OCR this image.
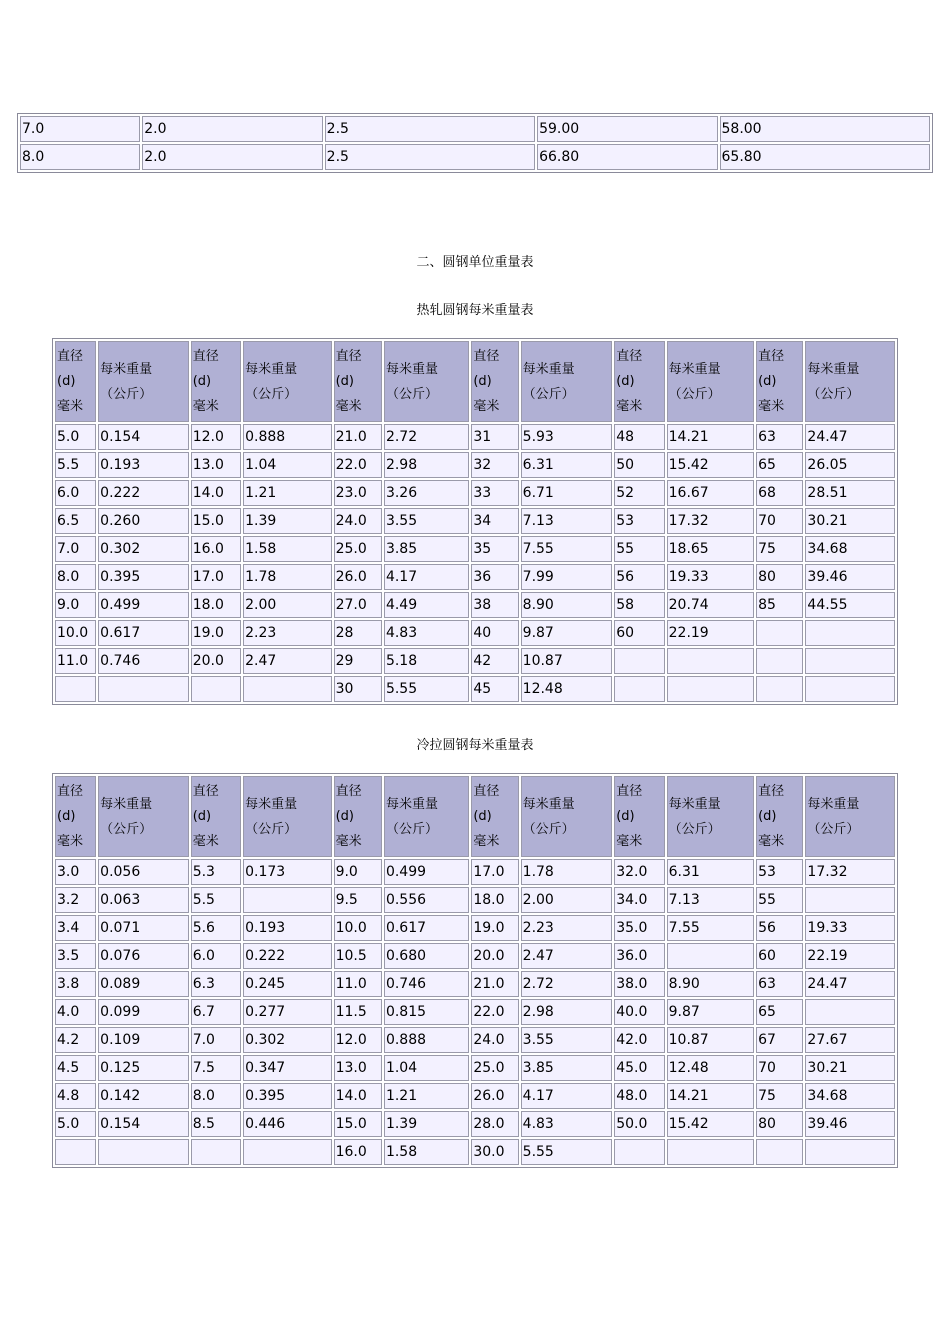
7.0	2.0	2.5	59.00	58.00
8.0	2.0	2.5	66.80	65.80
二、圆钢单位重量表
热轧圆钢每米重量表
直径
(d)
毫米	每米重量
（公斤）	直径
(d)
毫米	每米重量
（公斤）	直径
(d)
毫米	每米重量
（公斤）	直径
(d)
毫米	每米重量
（公斤）	直径
(d)
毫米	每米重量
（公斤）	直径
(d)
毫米	每米重量
（公斤）

5.0	0.154	12.0	0.888	21.0	2.72	31	5.93	48	14.21	63	24.47
5.5	0.193	13.0	1.04	22.0	2.98	32	6.31	50	15.42	65	26.05
6.0	0.222	14.0	1.21	23.0	3.26	33	6.71	52	16.67	68	28.51
6.5	0.260	15.0	1.39	24.0	3.55	34	7.13	53	17.32	70	30.21
7.0	0.302	16.0	1.58	25.0	3.85	35	7.55	55	18.65	75	34.68
8.0	0.395	17.0	1.78	26.0	4.17	36	7.99	56	19.33	80	39.46
9.0	0.499	18.0	2.00	27.0	4.49	38	8.90	58	20.74	85	44.55
10.0	0.617	19.0	2.23	28	4.83	40	9.87	60	22.19		
11.0	0.746	20.0	2.47	29	5.18	42	10.87				
				30	5.55	45	12.48				
冷拉圆钢每米重量表
直径
(d)
毫米	每米重量
（公斤）	直径
(d)
毫米	每米重量
（公斤）	直径
(d)
毫米	每米重量
（公斤）	直径
(d)
毫米	每米重量
（公斤）	直径
(d)
毫米	每米重量
（公斤）	直径
(d)
毫米	每米重量
（公斤）

3.0	0.056	5.3	0.173	9.0	0.499	17.0	1.78	32.0	6.31	53	17.32
3.2	0.063	5.5		9.5	0.556	18.0	2.00	34.0	7.13	55	
3.4	0.071	5.6	0.193	10.0	0.617	19.0	2.23	35.0	7.55	56	19.33
3.5	0.076	6.0	0.222	10.5	0.680	20.0	2.47	36.0		60	22.19
3.8	0.089	6.3	0.245	11.0	0.746	21.0	2.72	38.0	8.90	63	24.47
4.0	0.099	6.7	0.277	11.5	0.815	22.0	2.98	40.0	9.87	65	
4.2	0.109	7.0	0.302	12.0	0.888	24.0	3.55	42.0	10.87	67	27.67
4.5	0.125	7.5	0.347	13.0	1.04	25.0	3.85	45.0	12.48	70	30.21
4.8	0.142	8.0	0.395	14.0	1.21	26.0	4.17	48.0	14.21	75	34.68
5.0	0.154	8.5	0.446	15.0	1.39	28.0	4.83	50.0	15.42	80	39.46
				16.0	1.58	30.0	5.55				
